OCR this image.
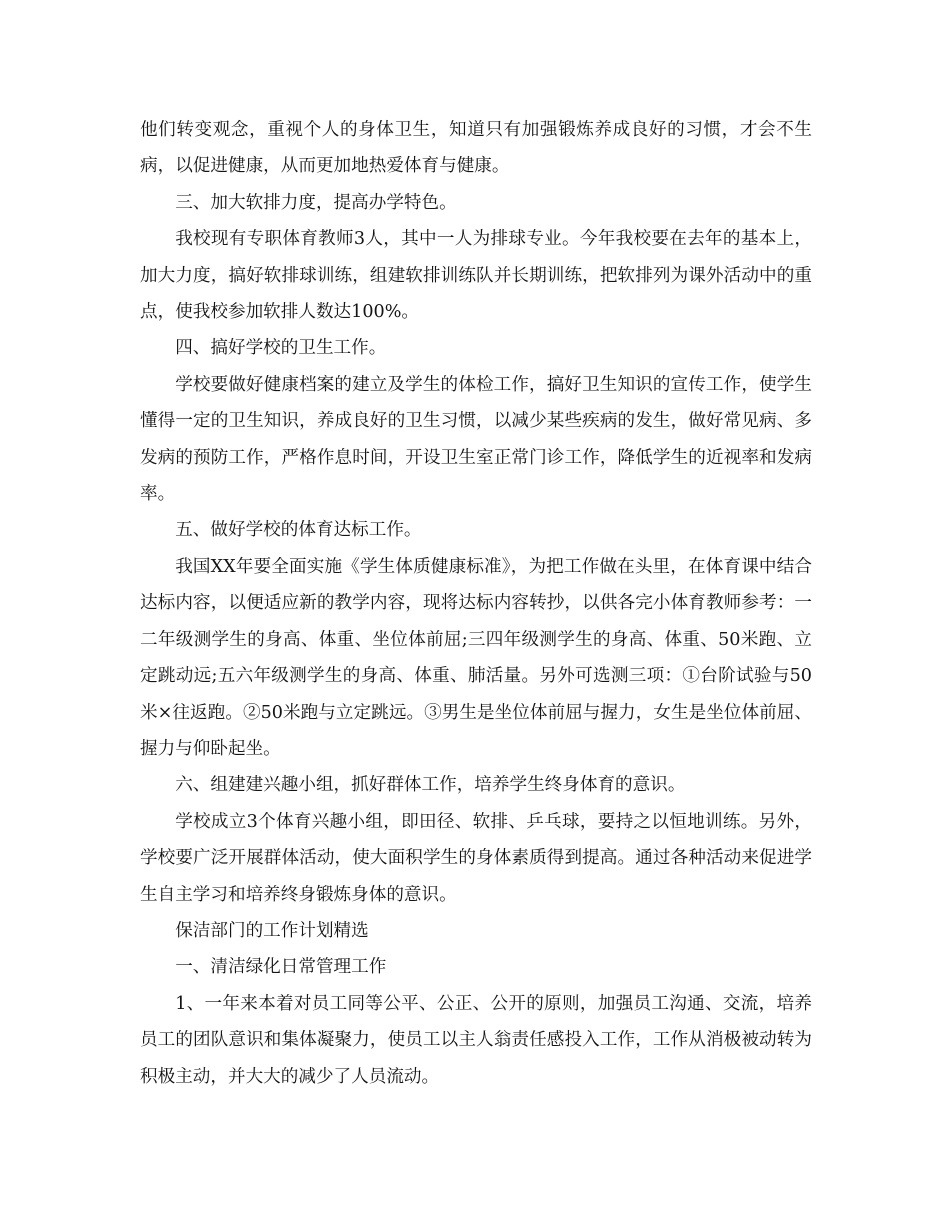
他们转变观念，重视个人的身体卫生，知道只有加强锻炼养成良好的习惯，才会不生病，以促进健康，从而更加地热爱体育与健康。

三、加大软排力度，提高办学特色。

我校现有专职体育教师3人，其中一人为排球专业。今年我校要在去年的基本上，加大力度，搞好软排球训练，组建软排训练队并长期训练，把软排列为课外活动中的重点，使我校参加软排人数达100%。

四、搞好学校的卫生工作。

学校要做好健康档案的建立及学生的体检工作，搞好卫生知识的宣传工作，使学生懂得一定的卫生知识，养成良好的卫生习惯，以减少某些疾病的发生，做好常见病、多发病的预防工作，严格作息时间，开设卫生室正常门诊工作，降低学生的近视率和发病率。

五、做好学校的体育达标工作。

我国XX年要全面实施《学生体质健康标准》，为把工作做在头里，在体育课中结合达标内容，以便适应新的教学内容，现将达标内容转抄，以供各完小体育教师参考：一二年级测学生的身高、体重、坐位体前屈;三四年级测学生的身高、体重、50米跑、立定跳动远;五六年级测学生的身高、体重、肺活量。另外可选测三项：①台阶试验与50米×往返跑。②50米跑与立定跳远。③男生是坐位体前屈与握力，女生是坐位体前屈、握力与仰卧起坐。

六、组建建兴趣小组，抓好群体工作，培养学生终身体育的意识。

学校成立3个体育兴趣小组，即田径、软排、乒乓球，要持之以恒地训练。另外，学校要广泛开展群体活动，使大面积学生的身体素质得到提高。通过各种活动来促进学生自主学习和培养终身锻炼身体的意识。

保洁部门的工作计划精选

一、清洁绿化日常管理工作

1、一年来本着对员工同等公平、公正、公开的原则，加强员工沟通、交流，培养员工的团队意识和集体凝聚力，使员工以主人翁责任感投入工作，工作从消极被动转为积极主动，并大大的减少了人员流动。
